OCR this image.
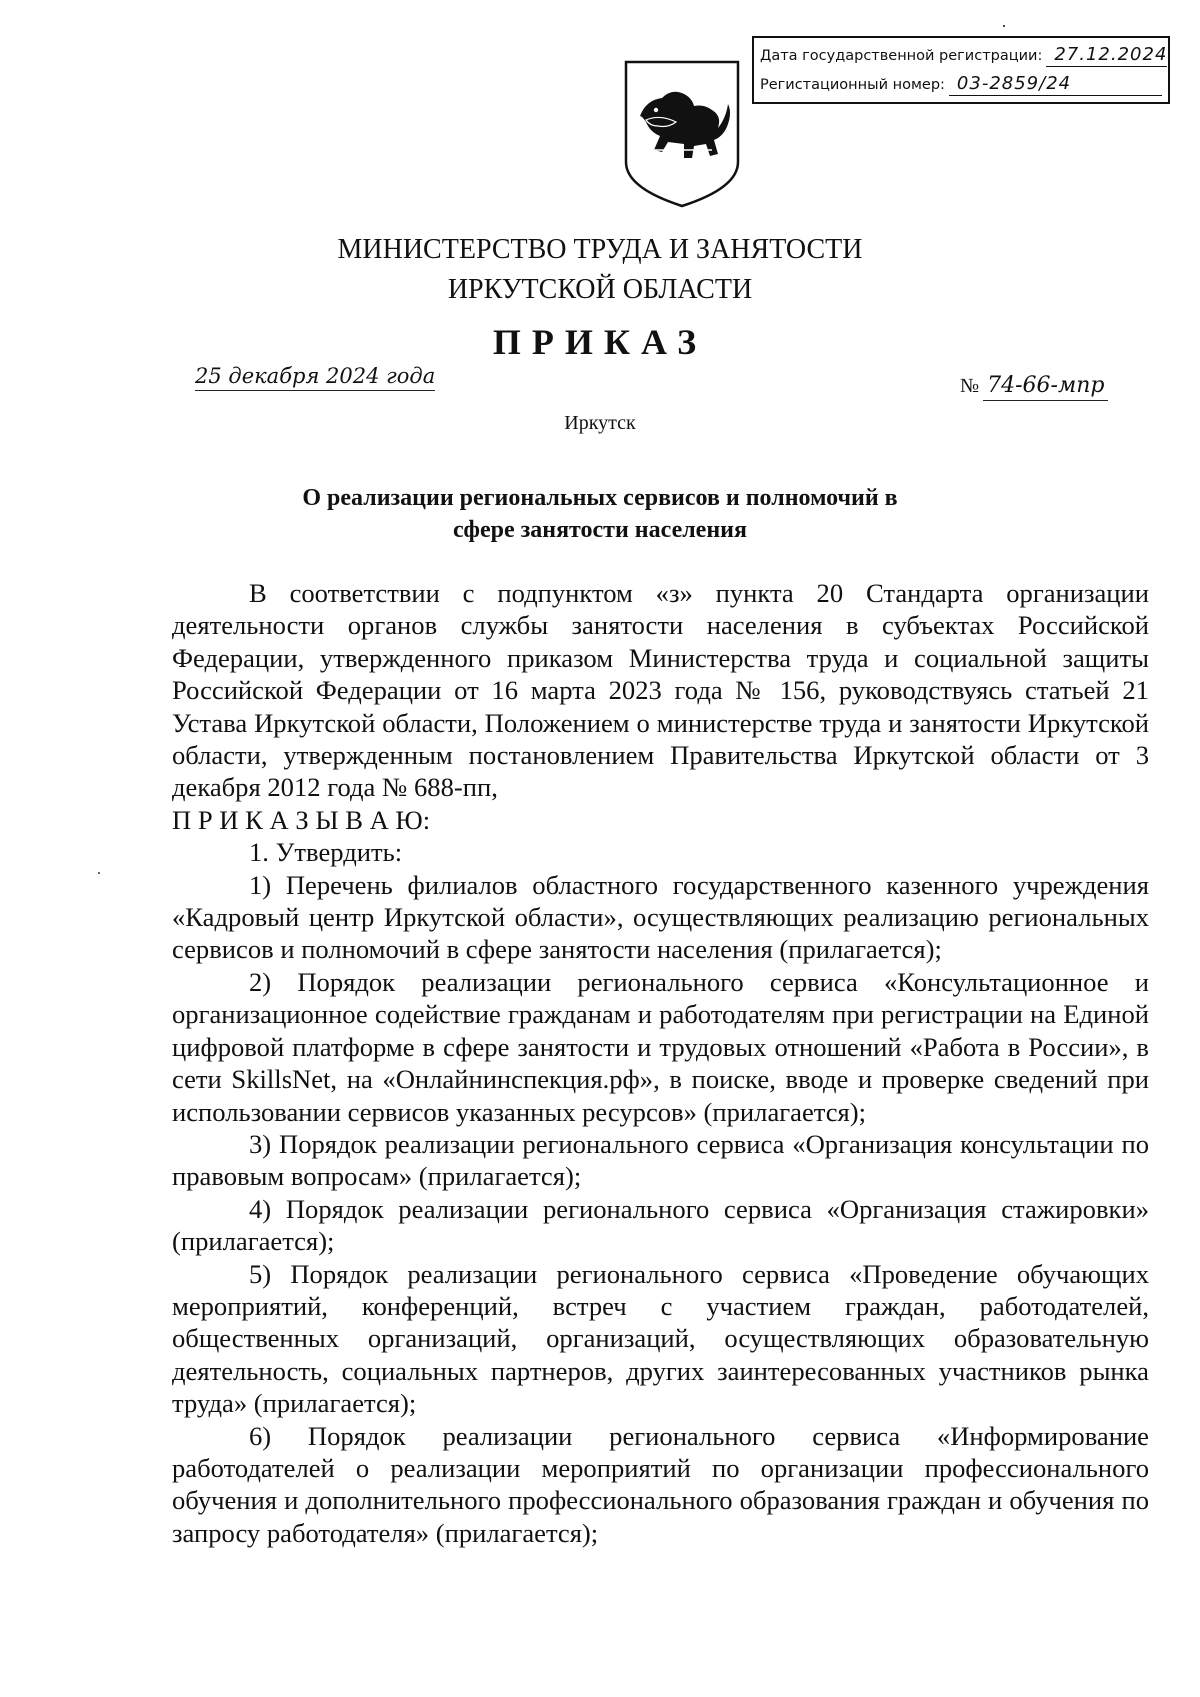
Дата государственной регистрации: 27.12.2024
Регистационный номер: 03-2859/24
МИНИСТЕРСТВО ТРУДА И ЗАНЯТОСТИ
ИРКУТСКОЙ ОБЛАСТИ
ПРИКАЗ
25 декабря 2024 года	№ 74-66-мпр
Иркутск
О реализации региональных сервисов и полномочий в
сфере занятости населения

В соответствии с подпунктом «з» пункта 20 Стандарта организации деятельности органов службы занятости населения в субъектах Российской Федерации, утвержденного приказом Министерства труда и социальной защиты Российской Федерации от 16 марта 2023 года № 156, руководствуясь статьей 21 Устава Иркутской области, Положением о министерстве труда и занятости Иркутской области, утвержденным постановлением Правительства Иркутской области от 3 декабря 2012 года № 688-пп,

П Р И К А З Ы В А Ю:

1. Утвердить:

1) Перечень филиалов областного государственного казенного учреждения «Кадровый центр Иркутской области», осуществляющих реализацию региональных сервисов и полномочий в сфере занятости населения (прилагается);

2) Порядок реализации регионального сервиса «Консультационное и организационное содействие гражданам и работодателям при регистрации на Единой цифровой платформе в сфере занятости и трудовых отношений «Работа в России», в сети SkillsNet, на «Онлайнинспекция.рф», в поиске, вводе и проверке сведений при использовании сервисов указанных ресурсов» (прилагается);

3) Порядок реализации регионального сервиса «Организация консультации по правовым вопросам» (прилагается);

4) Порядок реализации регионального сервиса «Организация стажировки» (прилагается);

5) Порядок реализации регионального сервиса «Проведение обучающих мероприятий, конференций, встреч с участием граждан, работодателей, общественных организаций, организаций, осуществляющих образовательную деятельность, социальных партнеров, других заинтересованных участников рынка труда» (прилагается);

6) Порядок реализации регионального сервиса «Информирование работодателей о реализации мероприятий по организации профессионального обучения и дополнительного профессионального образования граждан и обучения по запросу работодателя» (прилагается);
